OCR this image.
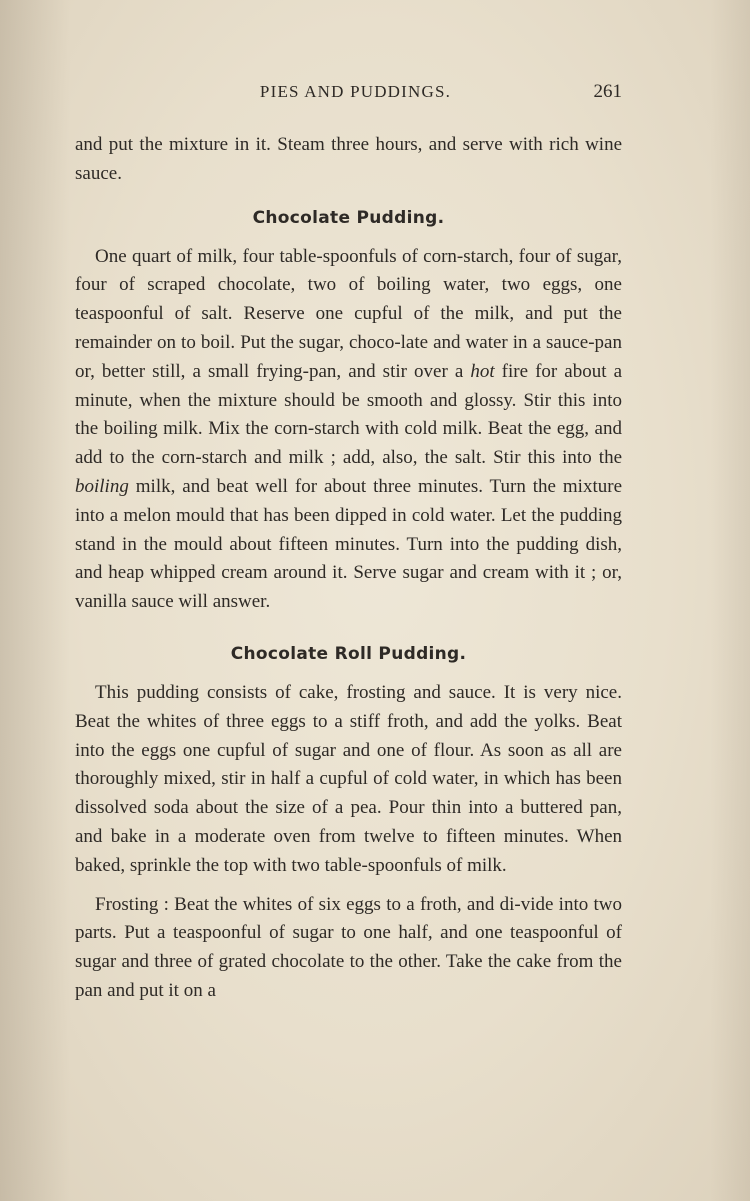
PIES AND PUDDINGS.	261

and put the mixture in it. Steam three hours, and serve with rich wine sauce.

Chocolate Pudding.

One quart of milk, four table-spoonfuls of corn-starch, four of sugar, four of scraped chocolate, two of boiling water, two eggs, one teaspoonful of salt. Reserve one cupful of the milk, and put the remainder on to boil. Put the sugar, choco-late and water in a sauce-pan or, better still, a small frying-pan, and stir over a hot fire for about a minute, when the mixture should be smooth and glossy. Stir this into the boiling milk. Mix the corn-starch with cold milk. Beat the egg, and add to the corn-starch and milk ; add, also, the salt. Stir this into the boiling milk, and beat well for about three minutes. Turn the mixture into a melon mould that has been dipped in cold water. Let the pudding stand in the mould about fifteen minutes. Turn into the pudding dish, and heap whipped cream around it. Serve sugar and cream with it ; or, vanilla sauce will answer.

Chocolate Roll Pudding.

This pudding consists of cake, frosting and sauce. It is very nice. Beat the whites of three eggs to a stiff froth, and add the yolks. Beat into the eggs one cupful of sugar and one of flour. As soon as all are thoroughly mixed, stir in half a cupful of cold water, in which has been dissolved soda about the size of a pea. Pour thin into a buttered pan, and bake in a moderate oven from twelve to fifteen minutes. When baked, sprinkle the top with two table-spoonfuls of milk.

Frosting : Beat the whites of six eggs to a froth, and di-vide into two parts. Put a teaspoonful of sugar to one half, and one teaspoonful of sugar and three of grated chocolate to the other. Take the cake from the pan and put it on a
